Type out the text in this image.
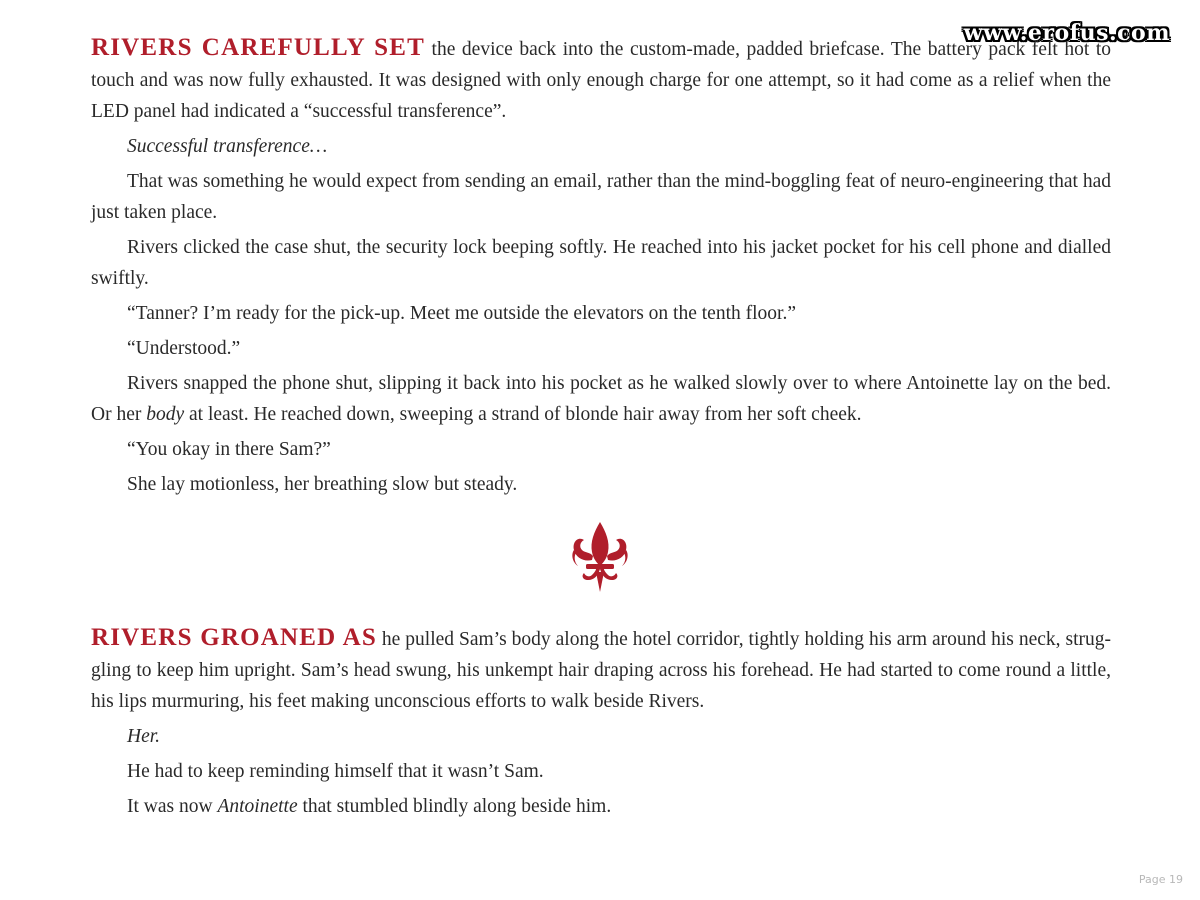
www.erofus.com

RIVERS CAREFULLY SET the device back into the custom-made, padded briefcase. The battery pack felt hot to touch and was now fully exhausted. It was designed with only enough charge for one attempt, so it had come as a relief when the LED panel had indicated a “successful transference”.

Successful transference…

That was something he would expect from sending an email, rather than the mind-boggling feat of neuro-engineering that had just taken place.

Rivers clicked the case shut, the security lock beeping softly. He reached into his jacket pocket for his cell phone and dialled swiftly.

“Tanner? I’m ready for the pick-up. Meet me outside the elevators on the tenth floor.”

“Understood.”

Rivers snapped the phone shut, slipping it back into his pocket as he walked slowly over to where Antoinette lay on the bed. Or her body at least. He reached down, sweeping a strand of blonde hair away from her soft cheek.

“You okay in there Sam?”

She lay motionless, her breathing slow but steady.

RIVERS GROANED AS he pulled Sam’s body along the hotel corridor, tightly holding his arm around his neck, struggling to keep him upright. Sam’s head swung, his unkempt hair draping across his forehead. He had started to come round a little, his lips murmuring, his feet making unconscious efforts to walk beside Rivers.

Her.

He had to keep reminding himself that it wasn’t Sam.

It was now Antoinette that stumbled blindly along beside him.

Page 19
